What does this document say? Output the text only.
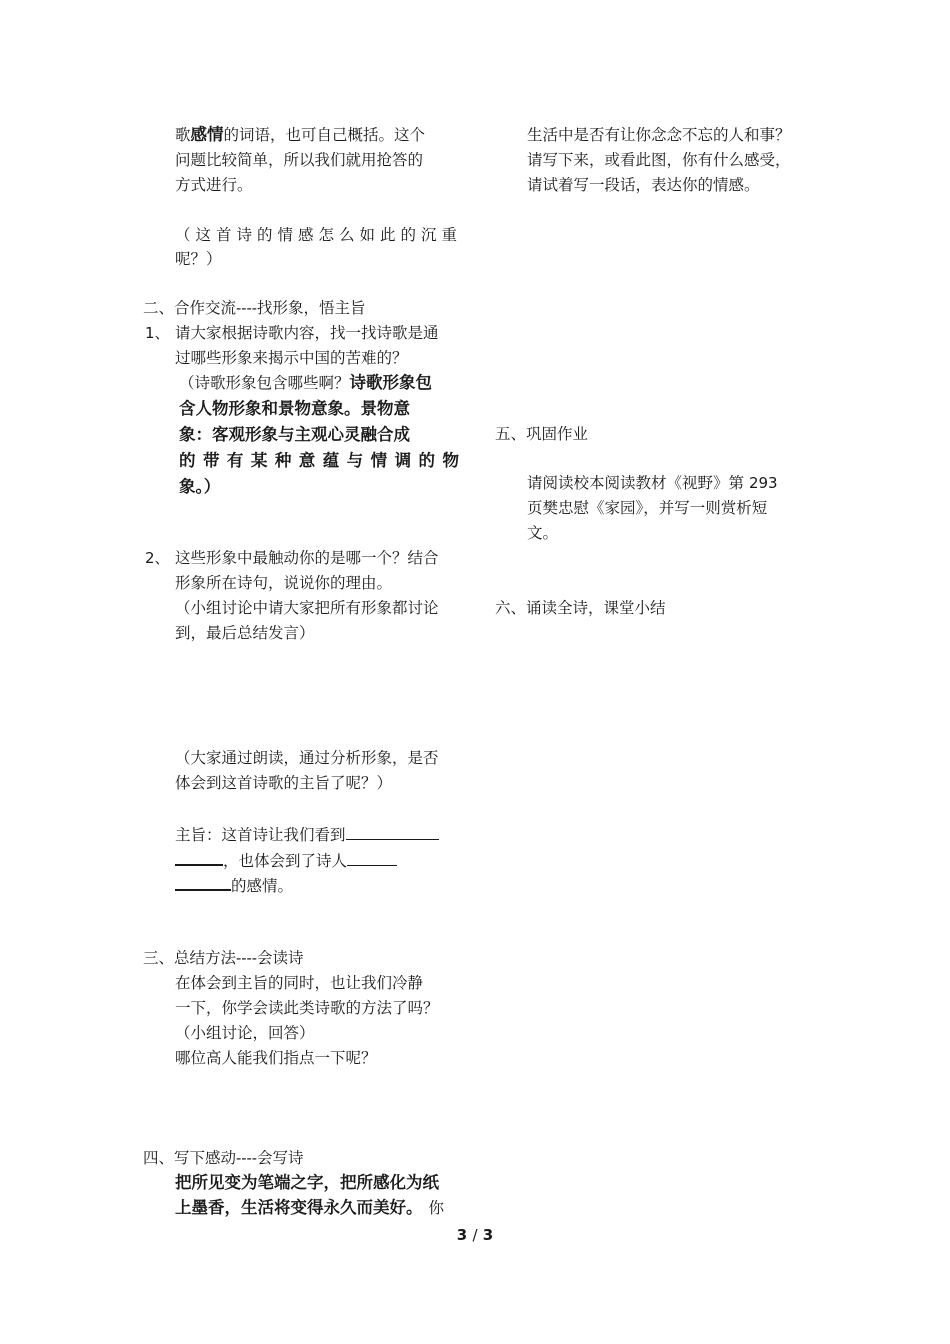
歌感情的词语，也可自己概括。这个
问题比较简单，所以我们就用抢答的
方式进行。
（这首诗的情感怎么如此的沉重
呢？）
二、合作交流----找形象，悟主旨
1、 请大家根据诗歌内容，找一找诗歌是通
过哪些形象来揭示中国的苦难的？
（诗歌形象包含哪些啊？诗歌形象包
含人物形象和景物意象。景物意
象：客观形象与主观心灵融合成
的带有某种意蕴与情调的物
象。）
2、 这些形象中最触动你的是哪一个？结合
形象所在诗句，说说你的理由。
（小组讨论中请大家把所有形象都讨论
到，最后总结发言）
（大家通过朗读，通过分析形象，是否
体会到这首诗歌的主旨了呢？）
主旨：这首诗让我们看到
，也体会到了诗人
的感情。
三、总结方法----会读诗
在体会到主旨的同时，也让我们冷静
一下，你学会读此类诗歌的方法了吗？
（小组讨论，回答）
哪位高人能我们指点一下呢？
四、写下感动----会写诗
把所见变为笔端之字，把所感化为纸
上墨香，生活将变得永久而美好。 你
生活中是否有让你念念不忘的人和事？
请写下来，或看此图，你有什么感受，
请试着写一段话，表达你的情感。
五、巩固作业
请阅读校本阅读教材《视野》第 293
页樊忠慰《家园》，并写一则赏析短
文。
六、诵读全诗，课堂小结
3 / 3
